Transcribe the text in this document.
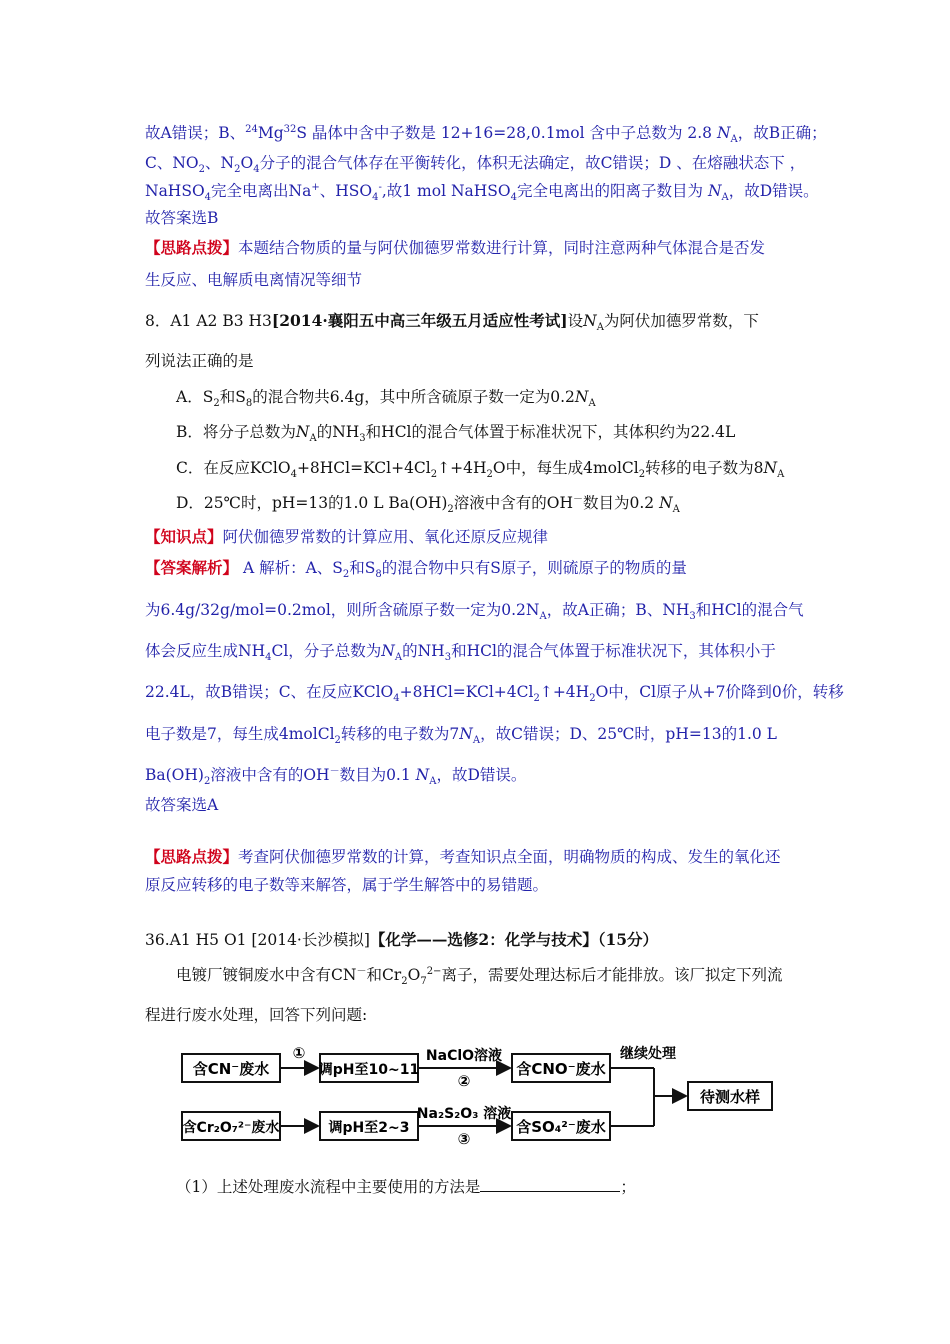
故A错误；B、$^{24}$Mg$^{32}$S 晶体中含中子数是 12+16=28,0.1mol 含中子总数为 2.8 $N_A$，故B正确；
C、$NO_2$、$N_2O_4$分子的混合气体存在平衡转化，体积无法确定，故C错误；D 、在熔融状态下 ，
NaHSO$_4$完全电离出Na+、$HSO_4^-$,故1 mol NaHSO$_4$完全电离出的阳离子数目为 $N_A$，故D错误。
故答案选B
【思路点拨】本题结合物质的量与阿伏伽德罗常数进行计算，同时注意两种气体混合是否发
生反应、电解质电离情况等细节
8．A1 A2 B3 H3[2014·襄阳五中高三年级五月适应性考试]设$N_A$为阿伏加德罗常数，下
列说法正确的是
A．$S_2$和$S_8$的混合物共6.4g，其中所含硫原子数一定为$0.2N_A$
B．将分子总数为$N_A$的$NH_3$和HCl的混合气体置于标准状况下，其体积约为22.4L
C．在反应$KClO_4+8HCl=KCl+4Cl_2↑+4H_2O$中，每生成4molCl$_2$转移的电子数为$8N_A$
D．25℃时，pH=13的1.0 L $Ba(OH)_2$溶液中含有的OH－数目为0.2 $N_A$
【知识点】阿伏伽德罗常数的计算应用、氧化还原反应规律
【答案解析】 A 解析：A、$S_2$和$S_8$的混合物中只有S原子，则硫原子的物质的量
为6.4g/32g/mol=0.2mol，则所含硫原子数一定为$0.2N_A$，故A正确；B、$NH_3$和HCl的混合气
体会反应生成$NH_4Cl$，分子总数为$N_A$的$NH_3$和HCl的混合气体置于标准状况下，其体积小于
22.4L，故B错误；C、在反应$KClO_4+8HCl=KCl+4Cl_2↑+4H_2O$中，Cl原子从+7价降到0价，转移
电子数是7，每生成4molCl$_2$转移的电子数为$7N_A$，故C错误；D、25℃时，pH=13的1.0 L
$Ba(OH)_2$溶液中含有的OH－数目为0.1 $N_A$，故D错误。
故答案选A
【思路点拨】考查阿伏伽德罗常数的计算，考查知识点全面，明确物质的构成、发生的氧化还
原反应转移的电子数等来解答，属于学生解答中的易错题。
36.A1 H5 O1 [2014·长沙模拟]【化学——选修2：化学与技术】（15分）
电镀厂镀铜废水中含有CN－和$Cr_2O_7^{2-}$离子，需要处理达标后才能排放。该厂拟定下列流
程进行废水处理，回答下列问题:
含CN⁻废水
①
调pH至10~11
NaClO溶液
②
含CNO⁻废水
继续处理
含Cr₂O₇²⁻废水	调pH至2~3
Na₂S₂O₃ 溶液
③
含SO₄²⁻废水
待测水样
（1）上述处理废水流程中主要使用的方法是	；
